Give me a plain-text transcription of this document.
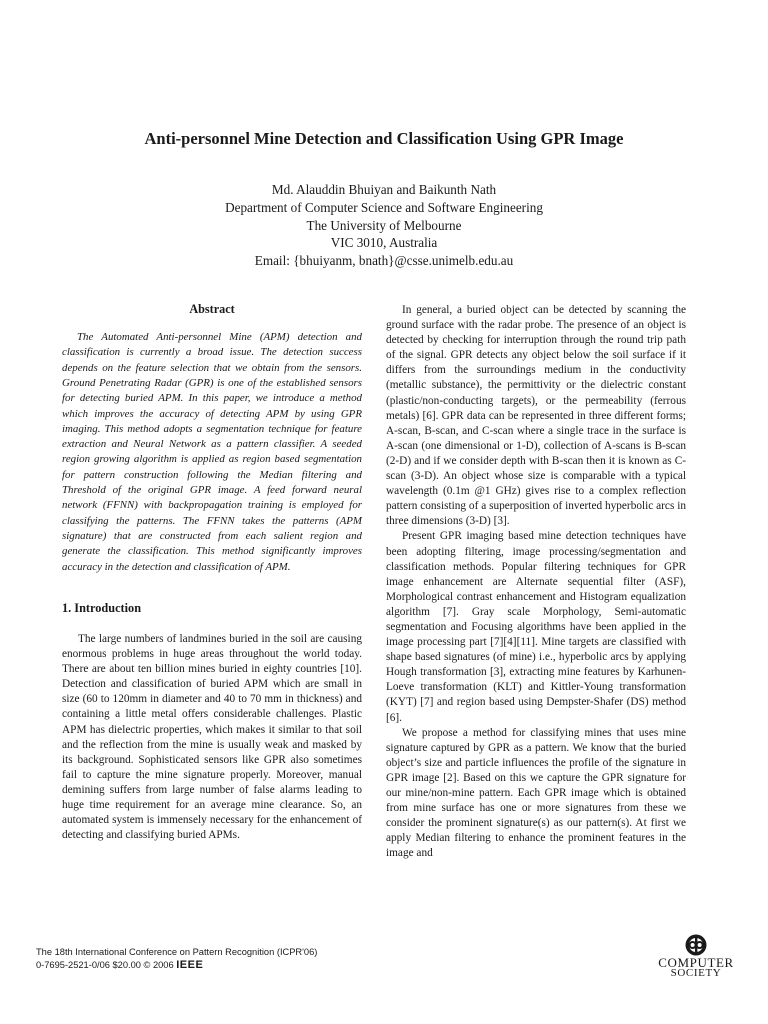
Anti-personnel Mine Detection and Classification Using GPR Image
Md. Alauddin Bhuiyan and Baikunth Nath
Department of Computer Science and Software Engineering
The University of Melbourne
VIC 3010, Australia
Email: {bhuiyanm, bnath}@csse.unimelb.edu.au
Abstract

The Automated Anti-personnel Mine (APM) detection and classification is currently a broad issue. The detection success depends on the feature selection that we obtain from the sensors. Ground Penetrating Radar (GPR) is one of the established sensors for detecting buried APM. In this paper, we introduce a method which improves the accuracy of detecting APM by using GPR imaging. This method adopts a segmentation technique for feature extraction and Neural Network as a pattern classifier. A seeded region growing algorithm is applied as region based segmentation for pattern construction following the Median filtering and Threshold of the original GPR image. A feed forward neural network (FFNN) with backpropagation training is employed for classifying the patterns. The FFNN takes the patterns (APM signature) that are constructed from each salient region and generate the classification. This method significantly improves accuracy in the detection and classification of APM.

1. Introduction

The large numbers of landmines buried in the soil are causing enormous problems in huge areas throughout the world today. There are about ten billion mines buried in eighty countries [10]. Detection and classification of buried APM which are small in size (60 to 120mm in diameter and 40 to 70 mm in thickness) and containing a little metal offers considerable challenges. Plastic APM has dielectric properties, which makes it similar to that soil and the reflection from the mine is usually weak and masked by its background. Sophisticated sensors like GPR also sometimes fail to capture the mine signature properly. Moreover, manual demining suffers from large number of false alarms leading to huge time requirement for an average mine clearance. So, an automated system is immensely necessary for the enhancement of detecting and classifying buried APMs.

In general, a buried object can be detected by scanning the ground surface with the radar probe. The presence of an object is detected by checking for interruption through the round trip path of the signal. GPR detects any object below the soil surface if it differs from the surroundings medium in the conductivity (metallic substance), the permittivity or the dielectric constant (plastic/non-conducting targets), or the permeability (ferrous metals) [6]. GPR data can be represented in three different forms; A-scan, B-scan, and C-scan where a single trace in the surface is A-scan (one dimensional or 1-D), collection of A-scans is B-scan (2-D) and if we consider depth with B-scan then it is known as C-scan (3-D). An object whose size is comparable with a typical wavelength (0.1m @1 GHz) gives rise to a complex reflection pattern consisting of a superposition of inverted hyperbolic arcs in three dimensions (3-D) [3].

Present GPR imaging based mine detection techniques have been adopting filtering, image processing/segmentation and classification methods. Popular filtering techniques for GPR image enhancement are Alternate sequential filter (ASF), Morphological contrast enhancement and Histogram equalization algorithm [7]. Gray scale Morphology, Semi-automatic segmentation and Focusing algorithms have been applied in the image processing part [7][4][11]. Mine targets are classified with shape based signatures (of mine) i.e., hyperbolic arcs by applying Hough transformation [3], extracting mine features by Karhunen-Loeve transformation (KLT) and Kittler-Young transformation (KYT) [7] and region based using Dempster-Shafer (DS) method [6].

We propose a method for classifying mines that uses mine signature captured by GPR as a pattern. We know that the buried object’s size and particle influences the profile of the signature in GPR image [2]. Based on this we capture the GPR signature for our mine/non-mine pattern. Each GPR image which is obtained from mine surface has one or more signatures from these we consider the prominent signature(s) as our pattern(s). At first we apply Median filtering to enhance the prominent features in the image and

The 18th International Conference on Pattern Recognition (ICPR'06)
0-7695-2521-0/06 $20.00 © 2006 IEEE	COMPUTER
SOCIETY
